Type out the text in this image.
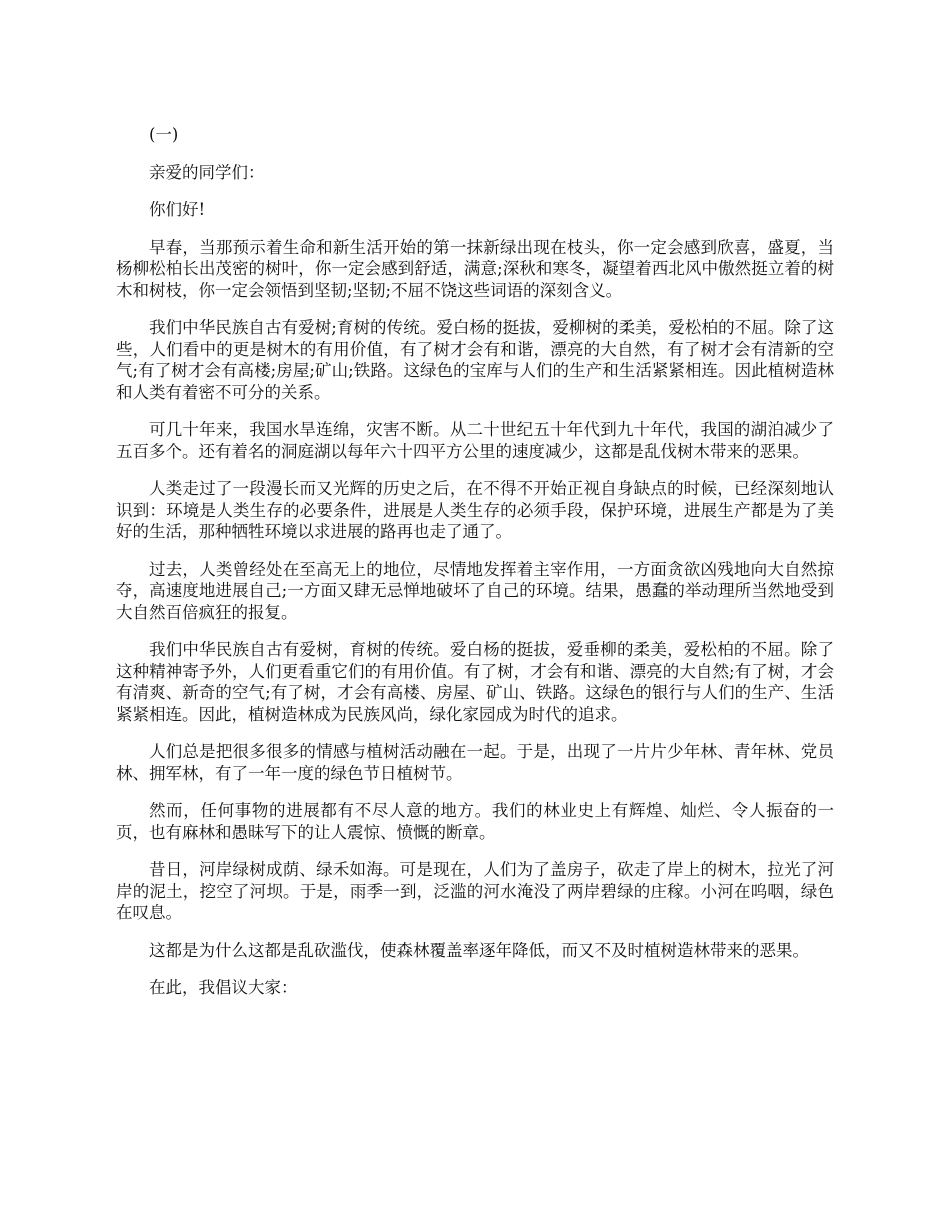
(一)

亲爱的同学们：

你们好!

早春，当那预示着生命和新生活开始的第一抹新绿出现在枝头，你一定会感到欣喜，盛夏，当杨柳松柏长出茂密的树叶，你一定会感到舒适，满意;深秋和寒冬，凝望着西北风中傲然挺立着的树木和树枝，你一定会领悟到坚韧;坚韧;不屈不饶这些词语的深刻含义。

我们中华民族自古有爱树;育树的传统。爱白杨的挺拔，爱柳树的柔美，爱松柏的不屈。除了这些，人们看中的更是树木的有用价值，有了树才会有和谐，漂亮的大自然，有了树才会有清新的空气;有了树才会有高楼;房屋;矿山;铁路。这绿色的宝库与人们的生产和生活紧紧相连。因此植树造林和人类有着密不可分的关系。

可几十年来，我国水旱连绵，灾害不断。从二十世纪五十年代到九十年代，我国的湖泊减少了五百多个。还有着名的洞庭湖以每年六十四平方公里的速度减少，这都是乱伐树木带来的恶果。

人类走过了一段漫长而又光辉的历史之后，在不得不开始正视自身缺点的时候，已经深刻地认识到：环境是人类生存的必要条件，进展是人类生存的必须手段，保护环境，进展生产都是为了美好的生活，那种牺牲环境以求进展的路再也走了通了。

过去，人类曾经处在至高无上的地位，尽情地发挥着主宰作用，一方面贪欲凶残地向大自然掠夺，高速度地进展自己;一方面又肆无忌惮地破坏了自己的环境。结果，愚蠢的举动理所当然地受到大自然百倍疯狂的报复。

我们中华民族自古有爱树，育树的传统。爱白杨的挺拔，爱垂柳的柔美，爱松柏的不屈。除了这种精神寄予外，人们更看重它们的有用价值。有了树，才会有和谐、漂亮的大自然;有了树，才会有清爽、新奇的空气;有了树，才会有高楼、房屋、矿山、铁路。这绿色的银行与人们的生产、生活紧紧相连。因此，植树造林成为民族风尚，绿化家园成为时代的追求。

人们总是把很多很多的情感与植树活动融在一起。于是，出现了一片片少年林、青年林、党员林、拥军林，有了一年一度的绿色节日植树节。

然而，任何事物的进展都有不尽人意的地方。我们的林业史上有辉煌、灿烂、令人振奋的一页，也有麻林和愚昧写下的让人震惊、愤慨的断章。

昔日，河岸绿树成荫、绿禾如海。可是现在，人们为了盖房子，砍走了岸上的树木，拉光了河岸的泥土，挖空了河坝。于是，雨季一到，泛滥的河水淹没了两岸碧绿的庄稼。小河在呜咽，绿色在叹息。

这都是为什么这都是乱砍滥伐，使森林覆盖率逐年降低，而又不及时植树造林带来的恶果。

在此，我倡议大家：
